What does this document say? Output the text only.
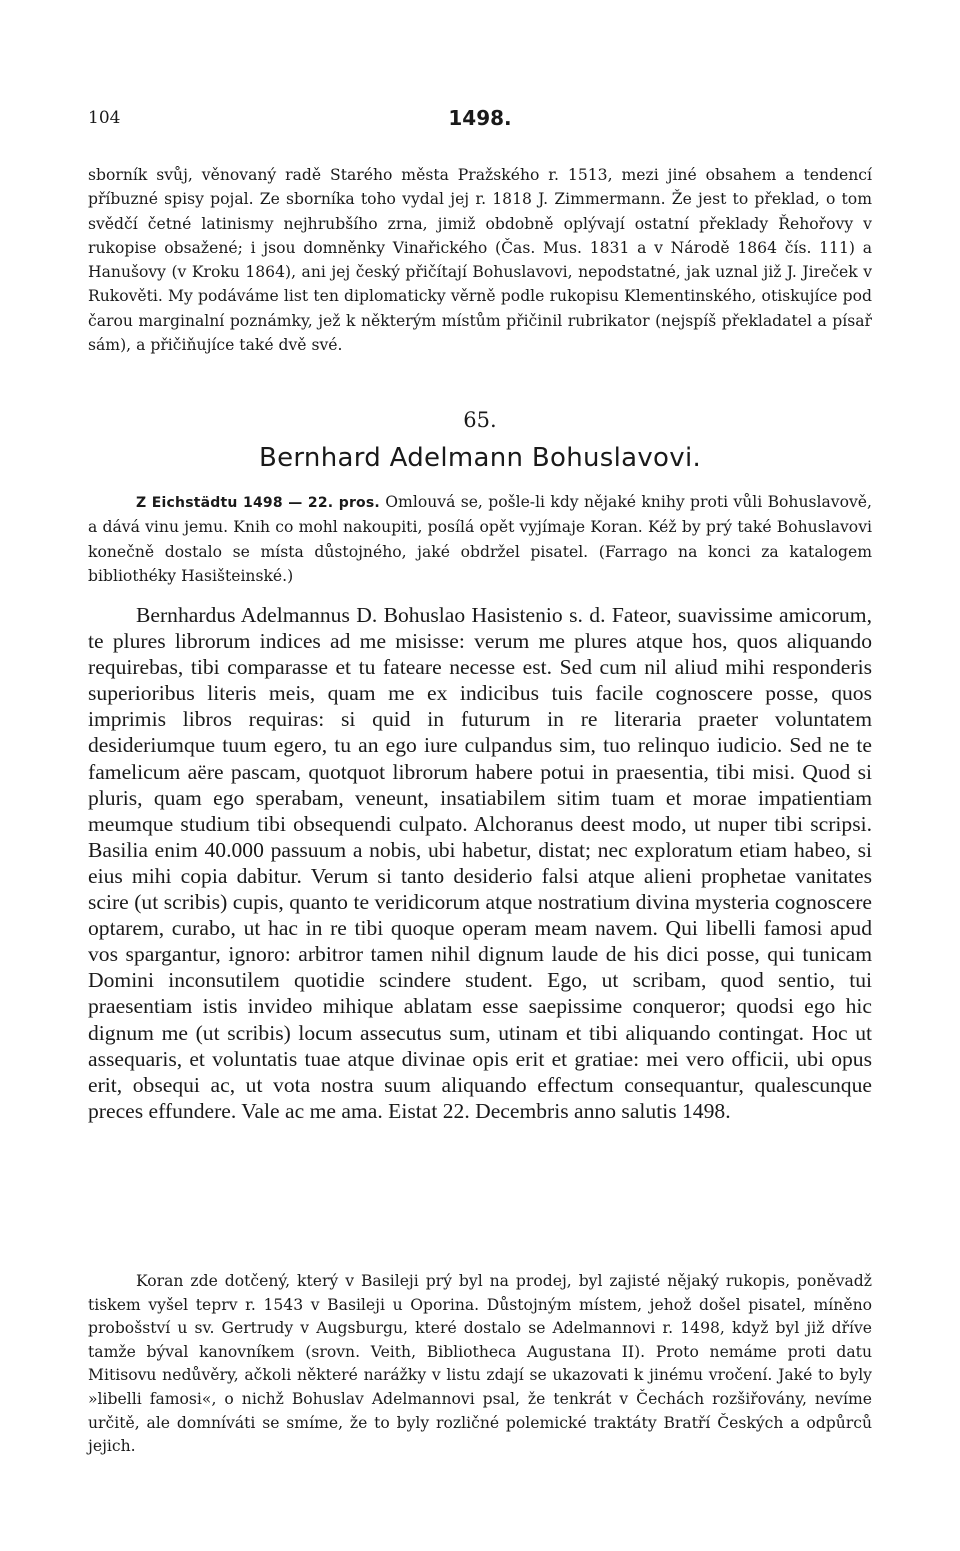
104	1498.

sborník svůj, věnovaný radě Starého města Pražského r. 1513, mezi jiné obsahem a tendencí příbuzné spisy pojal. Ze sborníka toho vydal jej r. 1818 J. Zimmermann. Že jest to překlad, o tom svědčí četné latinismy nejhrubšího zrna, jimiž obdobně oplývají ostatní překlady Řehořovy v rukopise obsažené; i jsou domněnky Vinařického (Čas. Mus. 1831 a v Národě 1864 čís. 111) a Hanušovy (v Kroku 1864), ani jej český přičítají Bohuslavovi, nepodstatné, jak uznal již J. Jireček v Rukověti. My podáváme list ten diplomaticky věrně podle rukopisu Klementinského, otiskujíce pod čarou marginalní poznámky, jež k některým místům přičinil rubrikator (nejspíš překladatel a písař sám), a přičiňujíce také dvě své.

65.
Bernhard Adelmann Bohuslavovi.

Z Eichstädtu 1498 — 22. pros. Omlouvá se, pošle-li kdy nějaké knihy proti vůli Bohuslavově, a dává vinu jemu. Knih co mohl nakoupiti, posílá opět vyjímaje Koran. Kéž by prý také Bohuslavovi konečně dostalo se místa důstojného, jaké obdržel pisatel. (Farrago na konci za katalogem bibliothéky Hasišteinské.)

Bernhardus Adelmannus D. Bohuslao Hasistenio s. d. Fateor, suavissime amicorum, te plures librorum indices ad me misisse: verum me plures atque hos, quos aliquando requirebas, tibi comparasse et tu fateare necesse est. Sed cum nil aliud mihi responderis superioribus literis meis, quam me ex indicibus tuis facile cognoscere posse, quos imprimis libros requiras: si quid in futurum in re literaria praeter voluntatem desideriumque tuum egero, tu an ego iure culpandus sim, tuo relinquo iudicio. Sed ne te famelicum aëre pascam, quotquot librorum habere potui in praesentia, tibi misi. Quod si pluris, quam ego sperabam, veneunt, insatiabilem sitim tuam et morae impatientiam meumque studium tibi obsequendi culpato. Alchoranus deest modo, ut nuper tibi scripsi. Basilia enim 40.000 passuum a nobis, ubi habetur, distat; nec exploratum etiam habeo, si eius mihi copia dabitur. Verum si tanto desiderio falsi atque alieni prophetae vanitates scire (ut scribis) cupis, quanto te veridicorum atque nostratium divina mysteria cognoscere optarem, curabo, ut hac in re tibi quoque operam meam navem. Qui libelli famosi apud vos spargantur, ignoro: arbitror tamen nihil dignum laude de his dici posse, qui tunicam Domini inconsutilem quotidie scindere student. Ego, ut scribam, quod sentio, tui praesentiam istis invideo mihique ablatam esse saepissime conqueror; quodsi ego hic dignum me (ut scribis) locum assecutus sum, utinam et tibi aliquando contingat. Hoc ut assequaris, et voluntatis tuae atque divinae opis erit et gratiae: mei vero officii, ubi opus erit, obsequi ac, ut vota nostra suum aliquando effectum consequantur, qualescunque preces effundere. Vale ac me ama. Eistat 22. Decembris anno salutis 1498.

Koran zde dotčený, který v Basileji prý byl na prodej, byl zajisté nějaký rukopis, poněvadž tiskem vyšel teprv r. 1543 v Basileji u Oporina. Důstojným místem, jehož došel pisatel, míněno probošství u sv. Gertrudy v Augsburgu, které dostalo se Adelmannovi r. 1498, když byl již dříve tamže býval kanovníkem (srovn. Veith, Bibliotheca Augustana II). Proto nemáme proti datu Mitisovu nedůvěry, ačkoli některé narážky v listu zdají se ukazovati k jinému vročení. Jaké to byly »libelli famosi«, o nichž Bohuslav Adelmannovi psal, že tenkrát v Čechách rozšiřovány, nevíme určitě, ale domníváti se smíme, že to byly rozličné polemické traktáty Bratří Českých a odpůrců jejich.
